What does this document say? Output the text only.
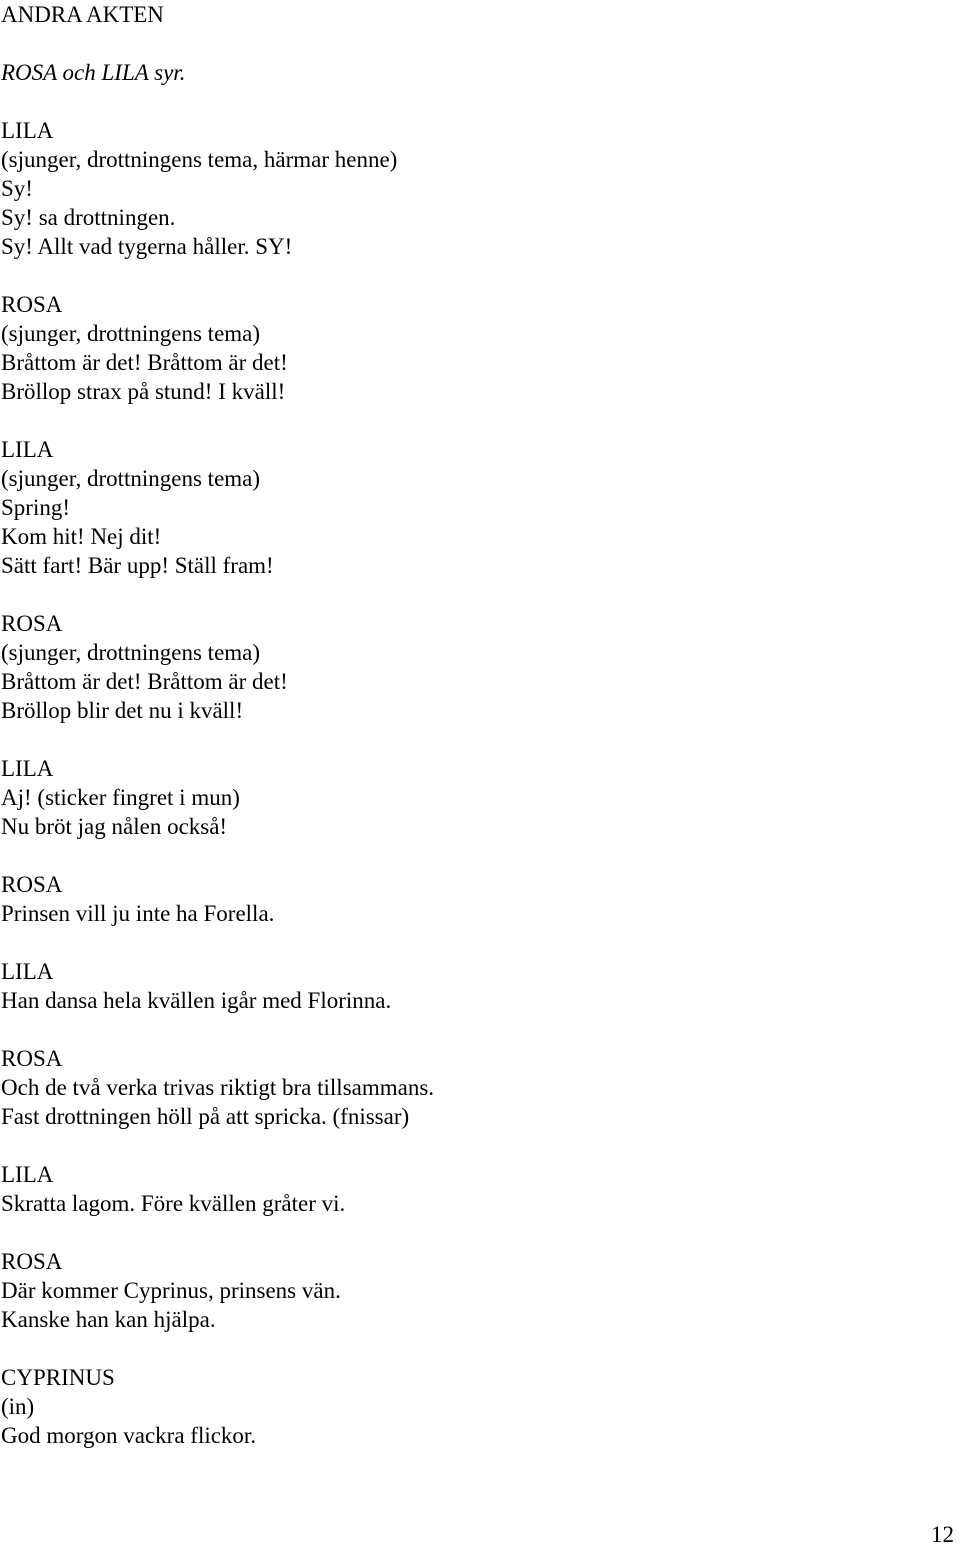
ANDRA AKTEN
ROSA och LILA syr.
LILA
(sjunger, drottningens tema, härmar henne)
Sy!
Sy! sa drottningen.
Sy! Allt vad tygerna håller. SY!
ROSA
(sjunger, drottningens tema)
Bråttom är det! Bråttom är det!
Bröllop strax på stund! I kväll!
LILA
(sjunger, drottningens tema)
Spring!
Kom hit! Nej dit!
Sätt fart! Bär upp! Ställ fram!
ROSA
(sjunger, drottningens tema)
Bråttom är det! Bråttom är det!
Bröllop blir det nu i kväll!
LILA
Aj! (sticker fingret i mun)
Nu bröt jag nålen också!
ROSA
Prinsen vill ju inte ha Forella.
LILA
Han dansa hela kvällen igår med Florinna.
ROSA
Och de två verka trivas riktigt bra tillsammans.
Fast drottningen höll på att spricka. (fnissar)
LILA
Skratta lagom. Före kvällen gråter vi.
ROSA
Där kommer Cyprinus, prinsens vän.
Kanske han kan hjälpa.
CYPRINUS
(in)
God morgon vackra flickor.
12
